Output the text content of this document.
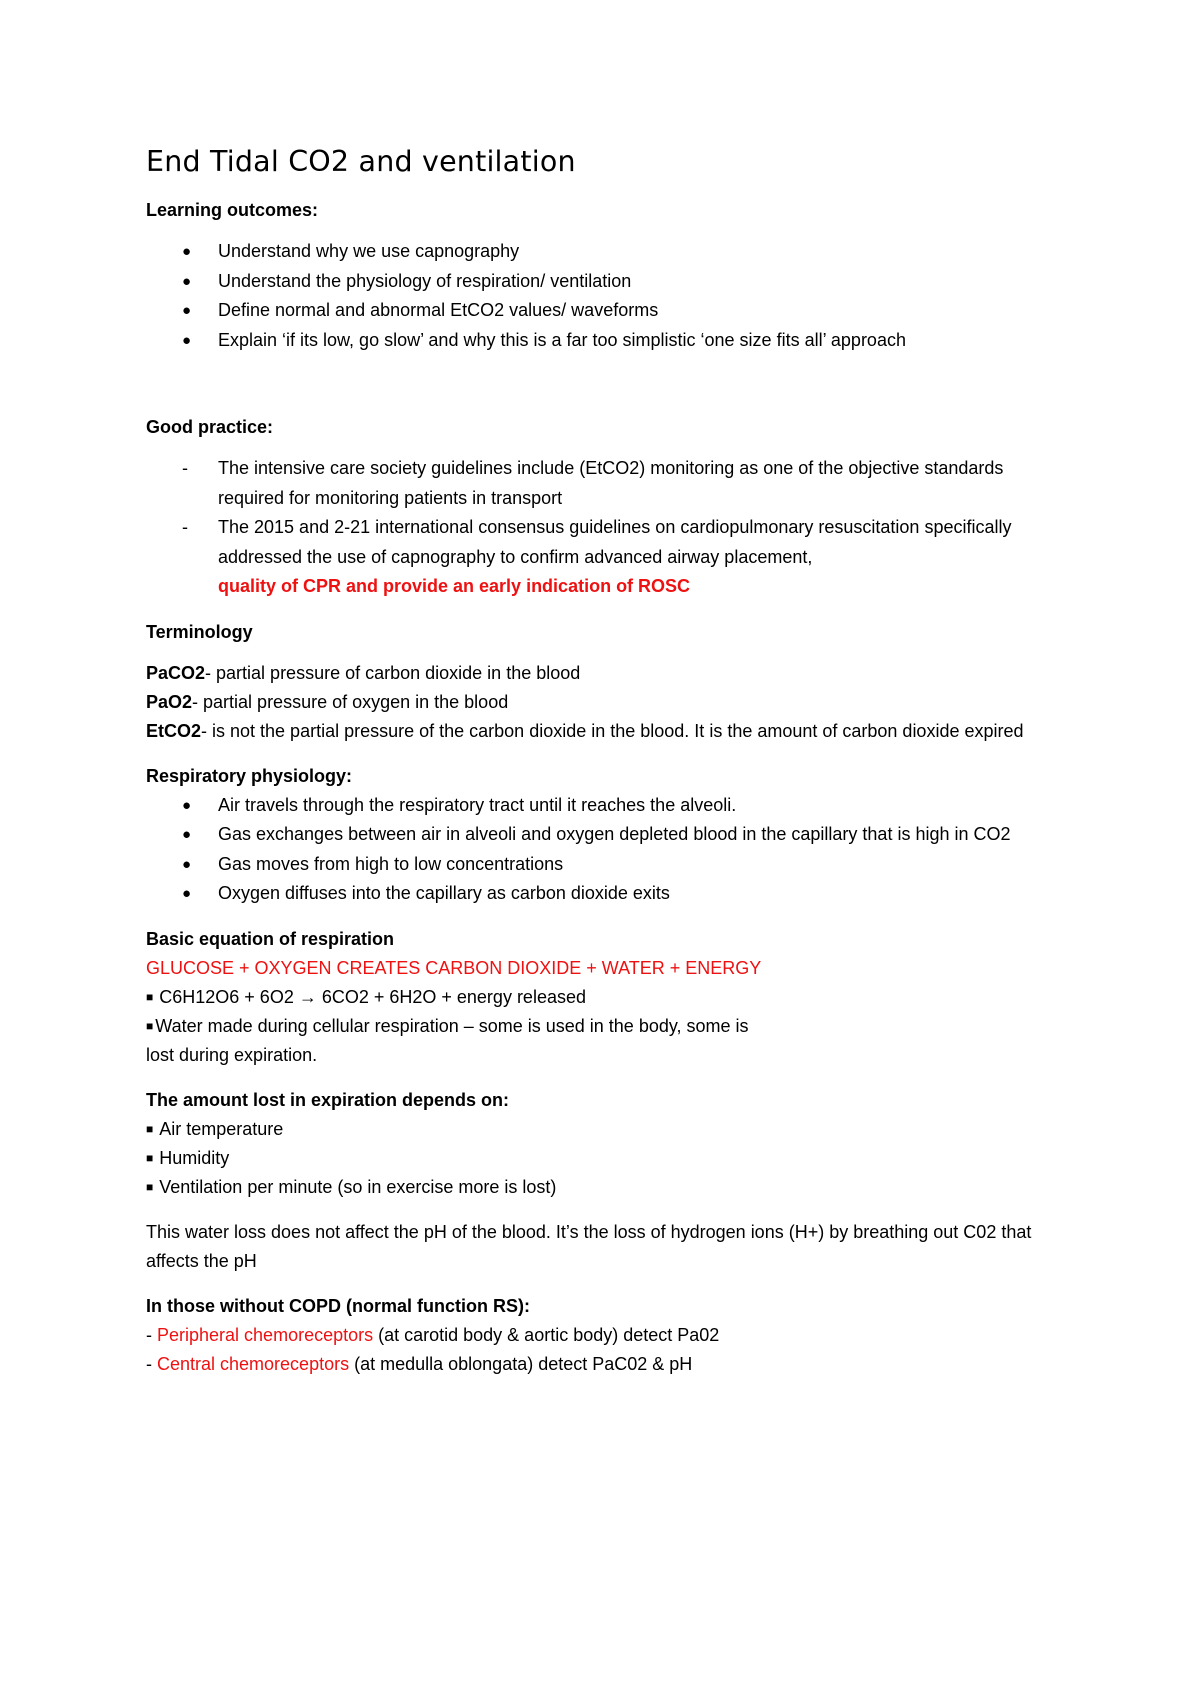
End Tidal CO2 and ventilation

Learning outcomes:

●	Understand why we use capnography
●	Understand the physiology of respiration/ ventilation
●	Define normal and abnormal EtCO2 values/ waveforms
●	Explain ‘if its low, go slow’ and why this is a far too simplistic ‘one size fits all’ approach

Good practice:

- The intensive care society guidelines include (EtCO2) monitoring as one of the objective standards required for monitoring patients in transport
- The 2015 and 2-21 international consensus guidelines on cardiopulmonary resuscitation specifically addressed the use of capnography to confirm advanced airway placement,
quality of CPR and provide an early indication of ROSC

Terminology

PaCO2- partial pressure of carbon dioxide in the blood

PaO2- partial pressure of oxygen in the blood

EtCO2- is not the partial pressure of the carbon dioxide in the blood. It is the amount of carbon dioxide expired

Respiratory physiology:

●	Air travels through the respiratory tract until it reaches the alveoli.
●	Gas exchanges between air in alveoli and oxygen depleted blood in the capillary that is high in CO2
●	Gas moves from high to low concentrations
●	Oxygen diffuses into the capillary as carbon dioxide exits

Basic equation of respiration

GLUCOSE + OXYGEN CREATES CARBON DIOXIDE + WATER + ENERGY

■ C6H12O6 + 6O2 → 6CO2 + 6H2O + energy released

■ Water made during cellular respiration – some is used in the body, some is

lost during expiration.

The amount lost in expiration depends on:

■ Air temperature

■ Humidity

■ Ventilation per minute (so in exercise more is lost)

This water loss does not affect the pH of the blood. It’s the loss of hydrogen ions (H+) by breathing out C02 that affects the pH

In those without COPD (normal function RS):

- Peripheral chemoreceptors (at carotid body & aortic body) detect Pa02

- Central chemoreceptors (at medulla oblongata) detect PaC02 & pH
